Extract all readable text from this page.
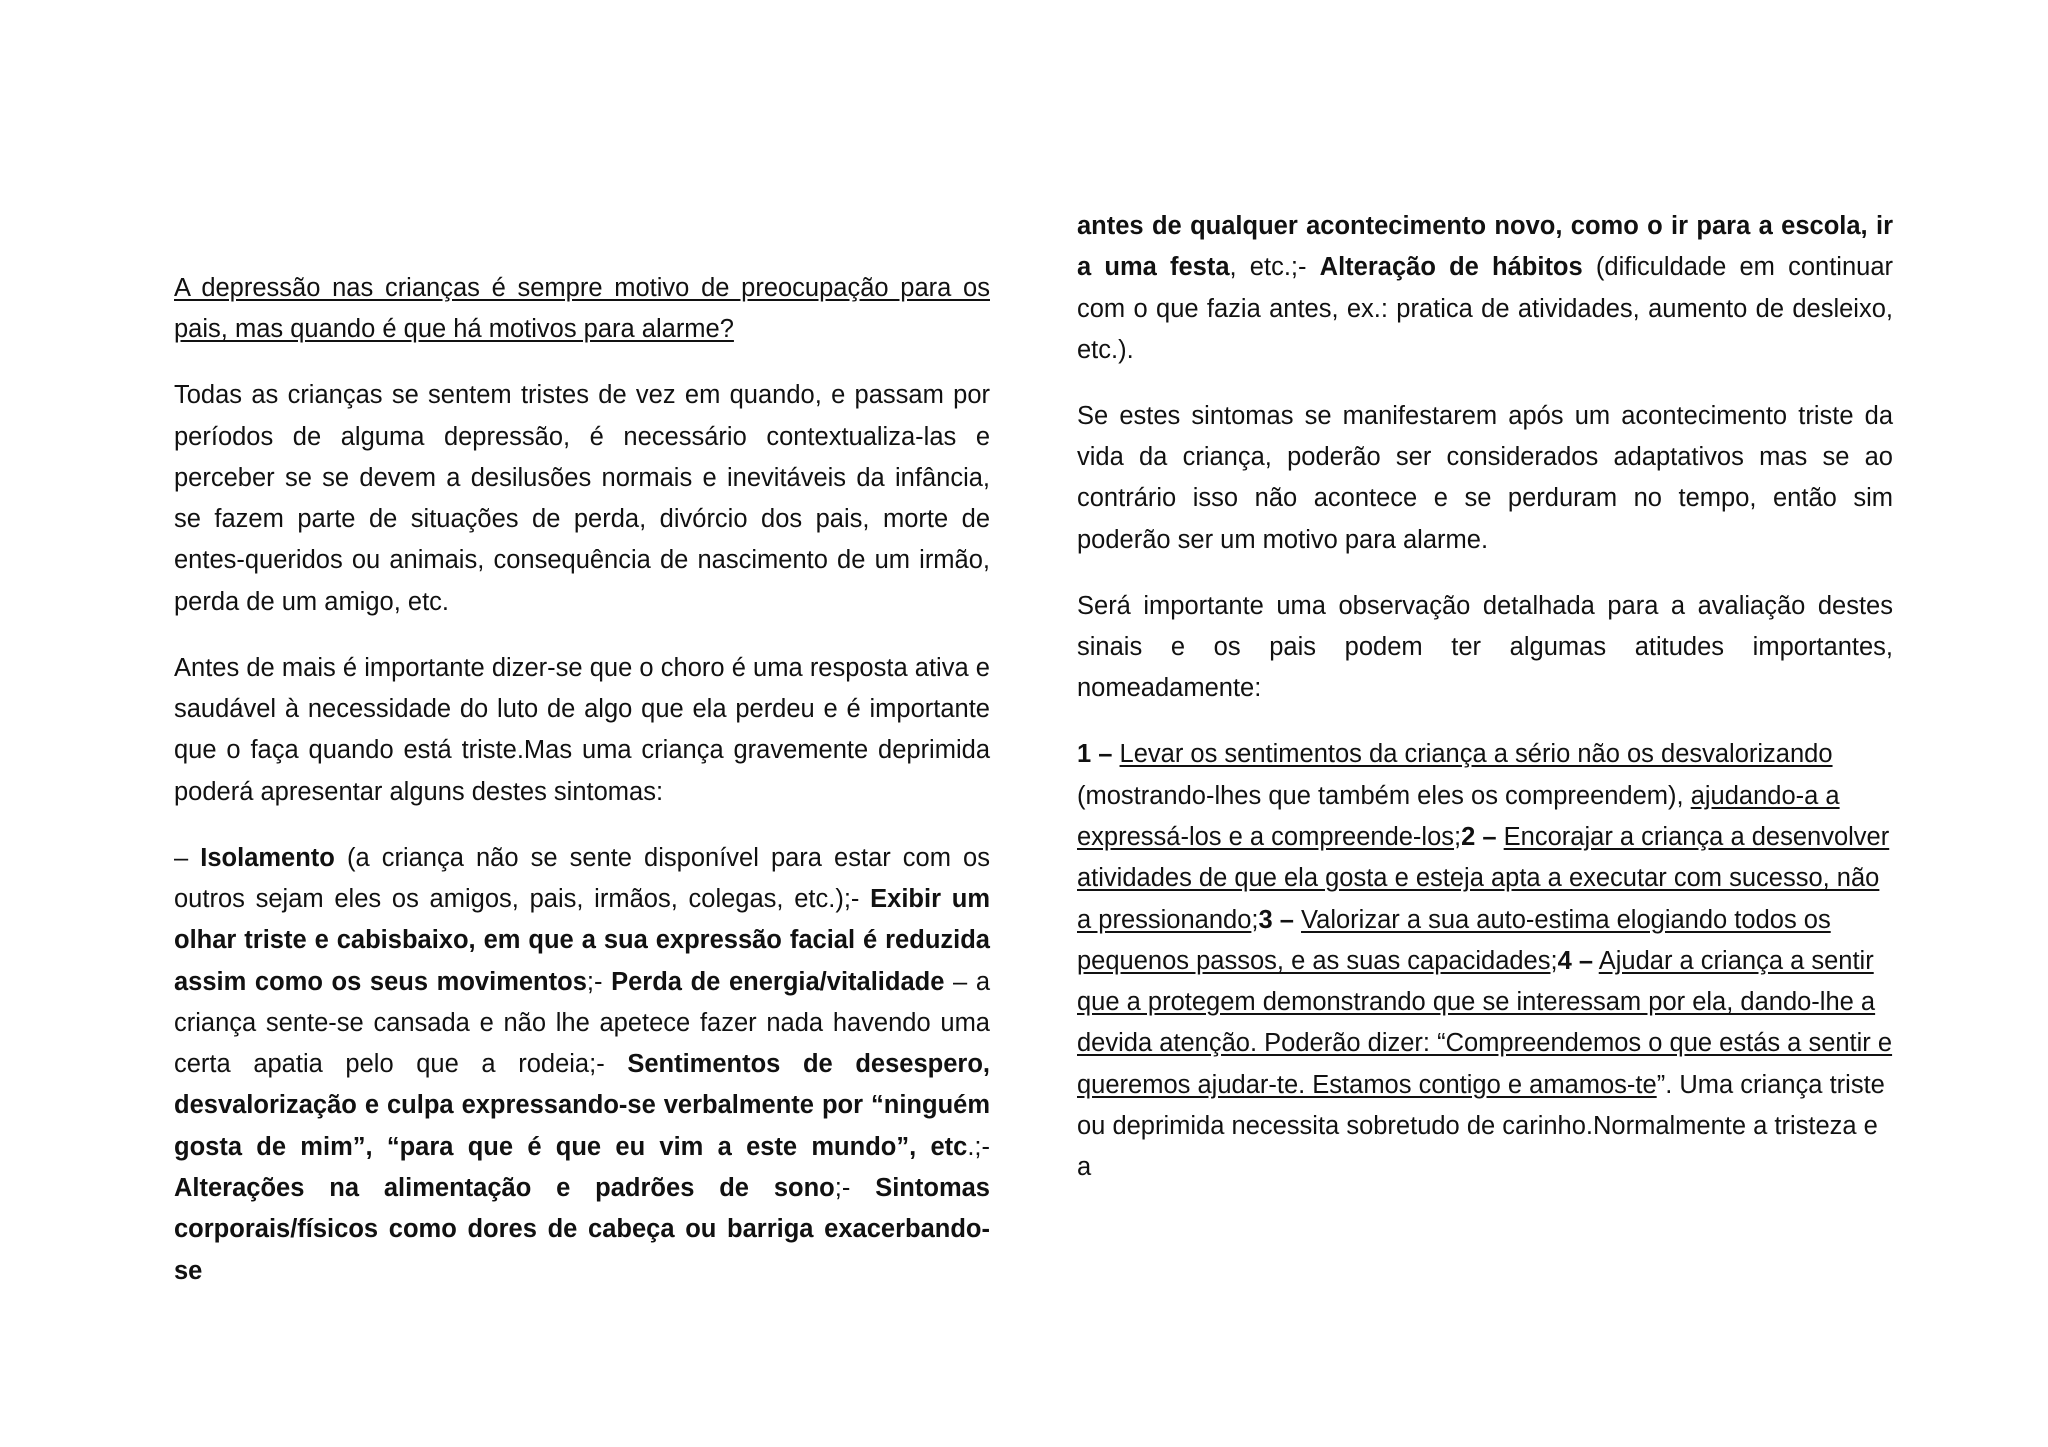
A depressão nas crianças é sempre motivo de preocupação para os pais, mas quando é que há motivos para alarme?

Todas as crianças se sentem tristes de vez em quando, e passam por períodos de alguma depressão, é necessário contextualiza-las e perceber se se devem a desilusões normais e inevitáveis da infância, se fazem parte de situações de perda, divórcio dos pais, morte de entes-queridos ou animais, consequência de nascimento de um irmão, perda de um amigo, etc.

Antes de mais é importante dizer-se que o choro é uma resposta ativa e saudável à necessidade do luto de algo que ela perdeu e é importante que o faça quando está triste.Mas uma criança gravemente deprimida poderá apresentar alguns destes sintomas:

– Isolamento (a criança não se sente disponível para estar com os outros sejam eles os amigos, pais, irmãos, colegas, etc.);- Exibir um olhar triste e cabisbaixo, em que a sua expressão facial é reduzida assim como os seus movimentos;- Perda de energia/vitalidade – a criança sente-se cansada e não lhe apetece fazer nada havendo uma certa apatia pelo que a rodeia;- Sentimentos de desespero, desvalorização e culpa expressando-se verbalmente por “ninguém gosta de mim”, “para que é que eu vim a este mundo”, etc.;- Alterações na alimentação e padrões de sono;- Sintomas corporais/físicos como dores de cabeça ou barriga exacerbando-se

antes de qualquer acontecimento novo, como o ir para a escola, ir a uma festa, etc.;- Alteração de hábitos (dificuldade em continuar com o que fazia antes, ex.: pratica de atividades, aumento de desleixo, etc.).

Se estes sintomas se manifestarem após um acontecimento triste da vida da criança, poderão ser considerados adaptativos mas se ao contrário isso não acontece e se perduram no tempo, então sim poderão ser um motivo para alarme.

Será importante uma observação detalhada para a avaliação destes sinais e os pais podem ter algumas atitudes importantes, nomeadamente:

1 – Levar os sentimentos da criança a sério não os desvalorizando (mostrando-lhes que também eles os compreendem), ajudando-a a expressá-los e a compreende-los;2 – Encorajar a criança a desenvolver atividades de que ela gosta e esteja apta a executar com sucesso, não a pressionando;3 – Valorizar a sua auto-estima elogiando todos os pequenos passos, e as suas capacidades;4 – Ajudar a criança a sentir que a protegem demonstrando que se interessam por ela, dando-lhe a devida atenção. Poderão dizer: “Compreendemos o que estás a sentir e queremos ajudar-te. Estamos contigo e amamos-te”. Uma criança triste ou deprimida necessita sobretudo de carinho.Normalmente a tristeza e a
